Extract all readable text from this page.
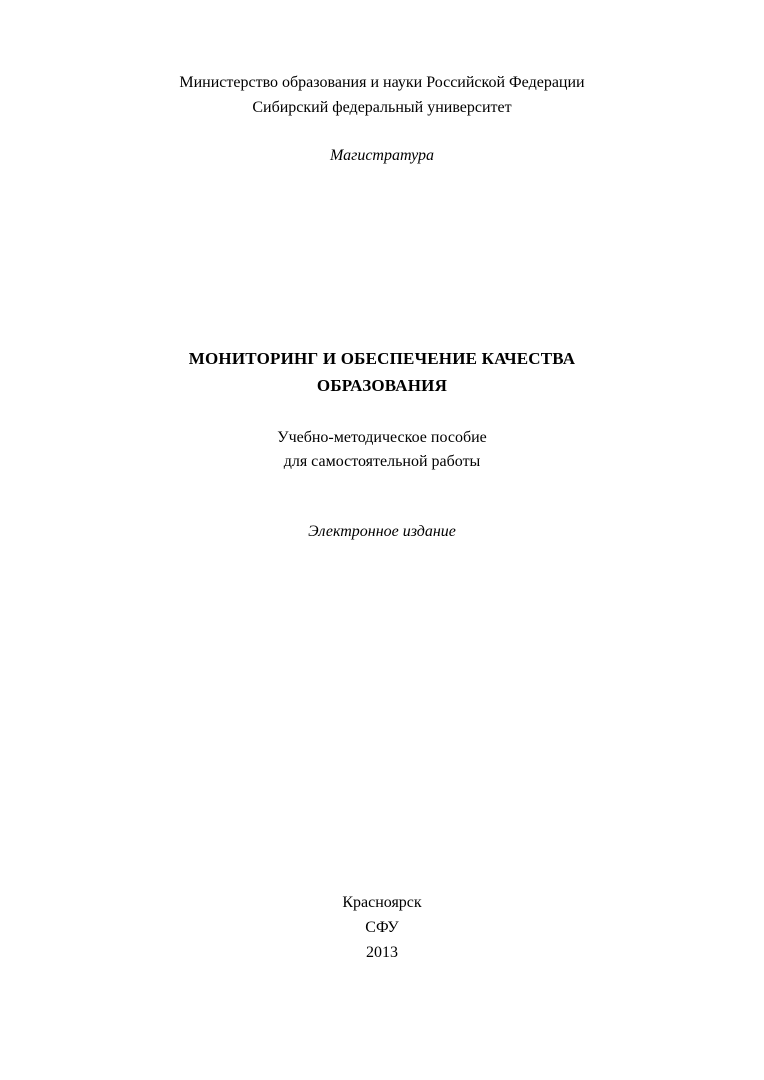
Министерство образования и науки Российской Федерации
Сибирский федеральный университет
Магистратура
МОНИТОРИНГ И ОБЕСПЕЧЕНИЕ КАЧЕСТВА
ОБРАЗОВАНИЯ
Учебно-методическое пособие
для самостоятельной работы
Электронное издание
Красноярск
СФУ
2013
